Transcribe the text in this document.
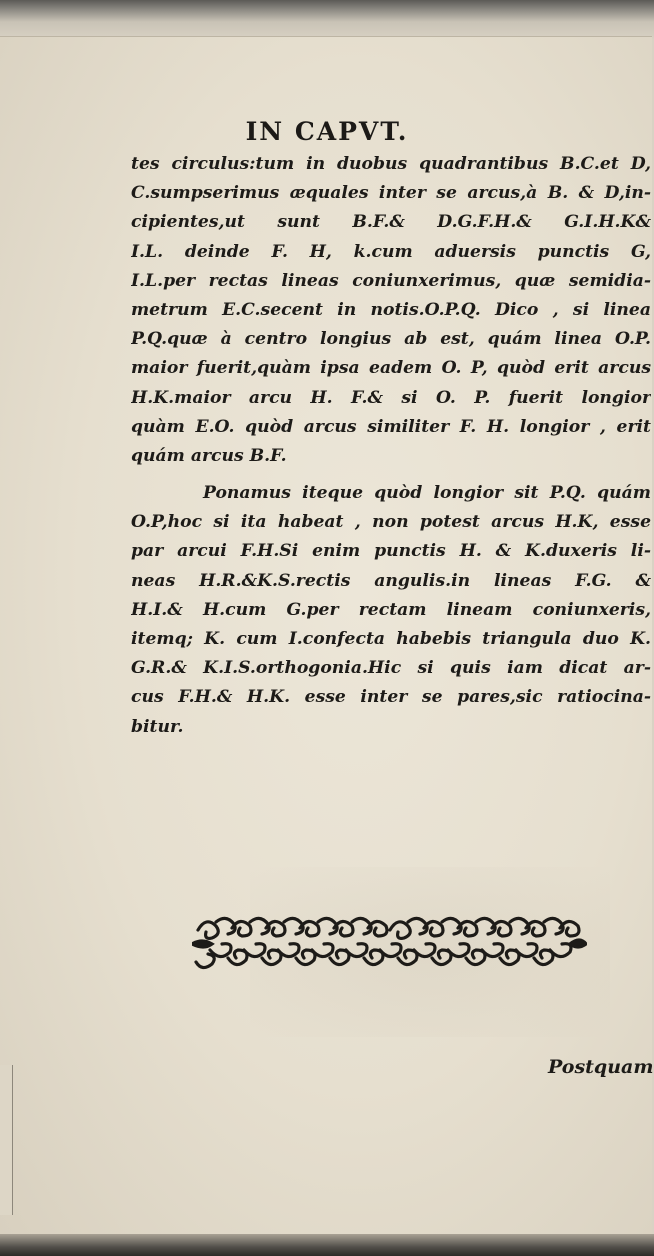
IN CAPVT.
tes circulus:tum in duobus quadrantibus B.C.et D,
C.sumpserimus æquales inter se arcus,à B. & D,in-
cipientes,ut sunt B.F.& D.G.F.H.& G.I.H.K&
I.L. deinde F. H, k.cum aduersis punctis G,
I.L.per rectas lineas coniunxerimus, quæ semidia-
metrum E.C.secent in notis.O.P.Q. Dico , si linea
P.Q.quæ à centro longius ab est, quám linea O.P.
maior fuerit,quàm ipsa eadem O. P, quòd erit arcus
H.K.maior arcu H. F.& si O. P. fuerit longior
quàm E.O. quòd arcus similiter F. H. longior , erit
quám arcus B.F.
Ponamus iteque quòd longior sit P.Q. quám
O.P,hoc si ita habeat , non potest arcus H.K, esse
par arcui F.H.Si enim punctis H. & K.duxeris li-
neas H.R.&K.S.rectis angulis.in lineas F.G. &
H.I.& H.cum G.per rectam lineam coniunxeris,
itemq; K. cum I.confecta habebis triangula duo K.
G.R.& K.I.S.orthogonia.Hic si quis iam dicat ar-
cus F.H.& H.K. esse inter se pares,sic ratiocina-
bitur.
Postquam
